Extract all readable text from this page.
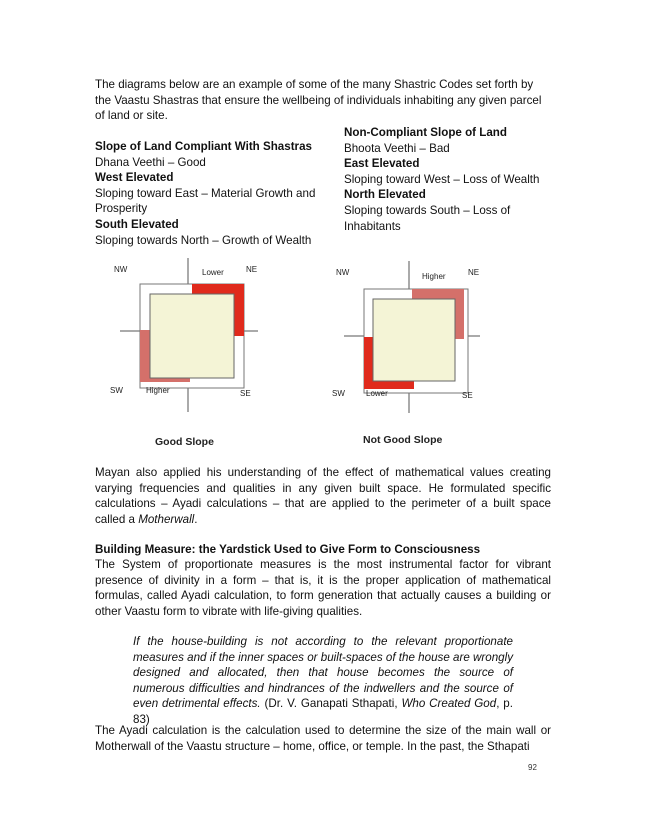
The diagrams below are an example of some of the many Shastric Codes set forth by the Vaastu Shastras that ensure the wellbeing of individuals inhabiting any given parcel of land or site.

Slope of Land Compliant With Shastras
Dhana Veethi – Good
West Elevated
Sloping toward East – Material Growth and Prosperity
South Elevated
Sloping towards North – Growth of Wealth
Non-Compliant Slope of Land
Bhoota Veethi – Bad
East Elevated
Sloping toward West – Loss of Wealth
North Elevated
Sloping towards South – Loss of Inhabitants
NW	Lower	NE
SW	Higher	SE
NW	Higher	NE
SW	Lower	SE
Good Slope	Not Good Slope

Mayan also applied his understanding of the effect of mathematical values creating varying frequencies and qualities in any given built space. He formulated specific calculations – Ayadi calculations – that are applied to the perimeter of a built space called a Motherwall.

Building Measure: the Yardstick Used to Give Form to Consciousness

The System of proportionate measures is the most instrumental factor for vibrant presence of divinity in a form – that is, it is the proper application of mathematical formulas, called Ayadi calculation, to form generation that actually causes a building or other Vaastu form to vibrate with life-giving qualities.

If the house-building is not according to the relevant proportionate measures and if the inner spaces or built-spaces of the house are wrongly designed and allocated, then that house becomes the source of numerous difficulties and hindrances of the indwellers and the source of even detrimental effects. (Dr. V. Ganapati Sthapati, Who Created God, p. 83)

The Ayadi calculation is the calculation used to determine the size of the main wall or Motherwall of the Vaastu structure – home, office, or temple. In the past, the Sthapati

92
